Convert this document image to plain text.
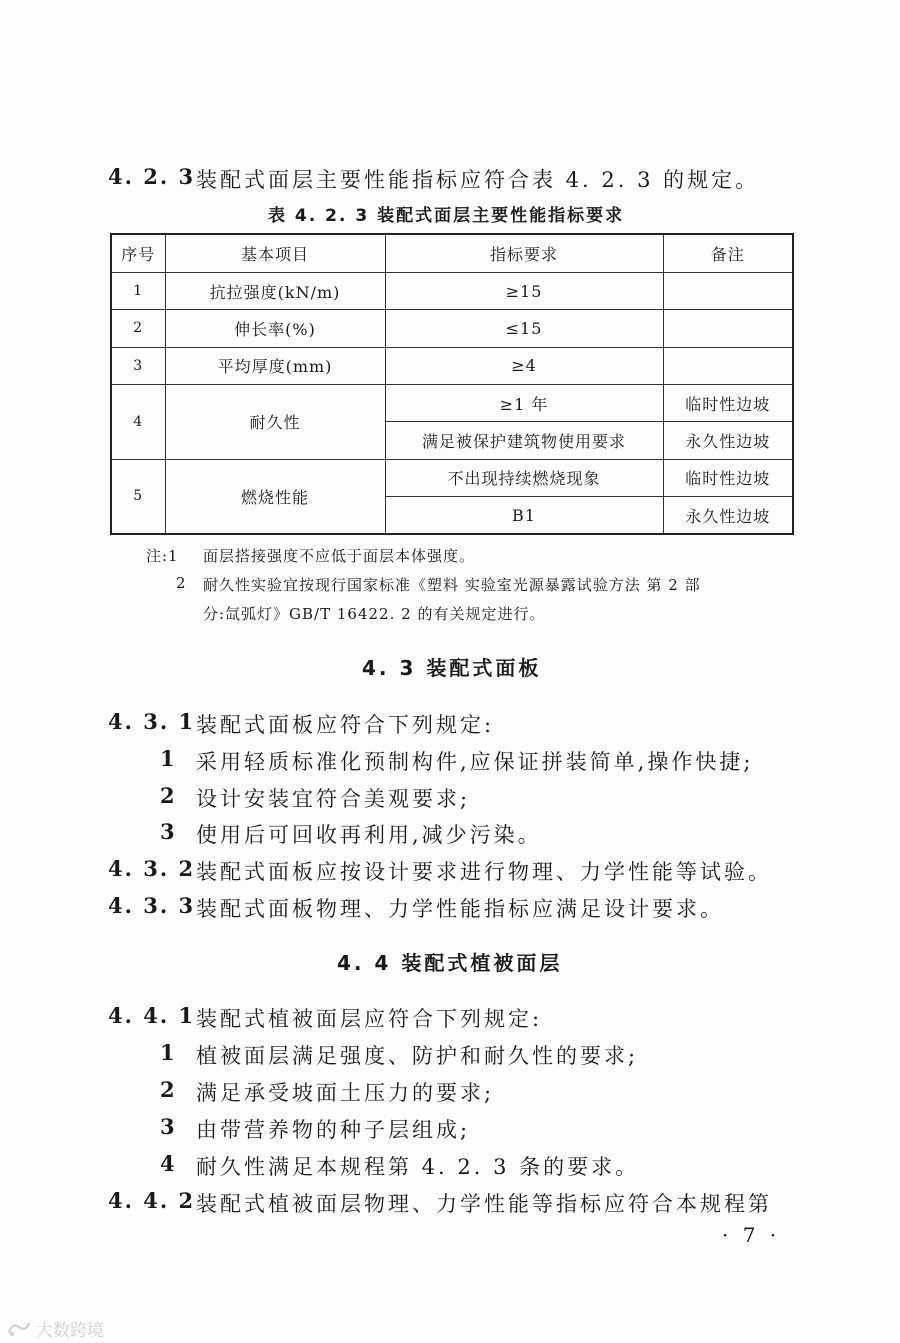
4. 2. 3 装配式面层主要性能指标应符合表 4. 2. 3 的规定。
表 4. 2. 3 装配式面层主要性能指标要求
序号	基本项目	指标要求	备注
1	抗拉强度(kN/m)	≥15	
2	伸长率(%)	≤15	
3	平均厚度(mm)	≥4	
4	耐久性	≥1 年	临时性边坡
		满足被保护建筑物使用要求	永久性边坡
5	燃烧性能	不出现持续燃烧现象	临时性边坡
		B1	永久性边坡
注:1 面层搭接强度不应低于面层本体强度。
2 耐久性实验宜按现行国家标准《塑料 实验室光源暴露试验方法 第 2 部
分:氙弧灯》GB/T 16422. 2 的有关规定进行。
4. 3 装配式面板
4. 3. 1 装配式面板应符合下列规定:
1 采用轻质标准化预制构件,应保证拼装简单,操作快捷;
2 设计安装宜符合美观要求;
3 使用后可回收再利用,减少污染。
4. 3. 2 装配式面板应按设计要求进行物理、力学性能等试验。
4. 3. 3 装配式面板物理、力学性能指标应满足设计要求。
4. 4 装配式植被面层
4. 4. 1 装配式植被面层应符合下列规定:
1 植被面层满足强度、防护和耐久性的要求;
2 满足承受坡面土压力的要求;
3 由带营养物的种子层组成;
4 耐久性满足本规程第 4. 2. 3 条的要求。
4. 4. 2 装配式植被面层物理、力学性能等指标应符合本规程第
· 7 ·
大数跨境
